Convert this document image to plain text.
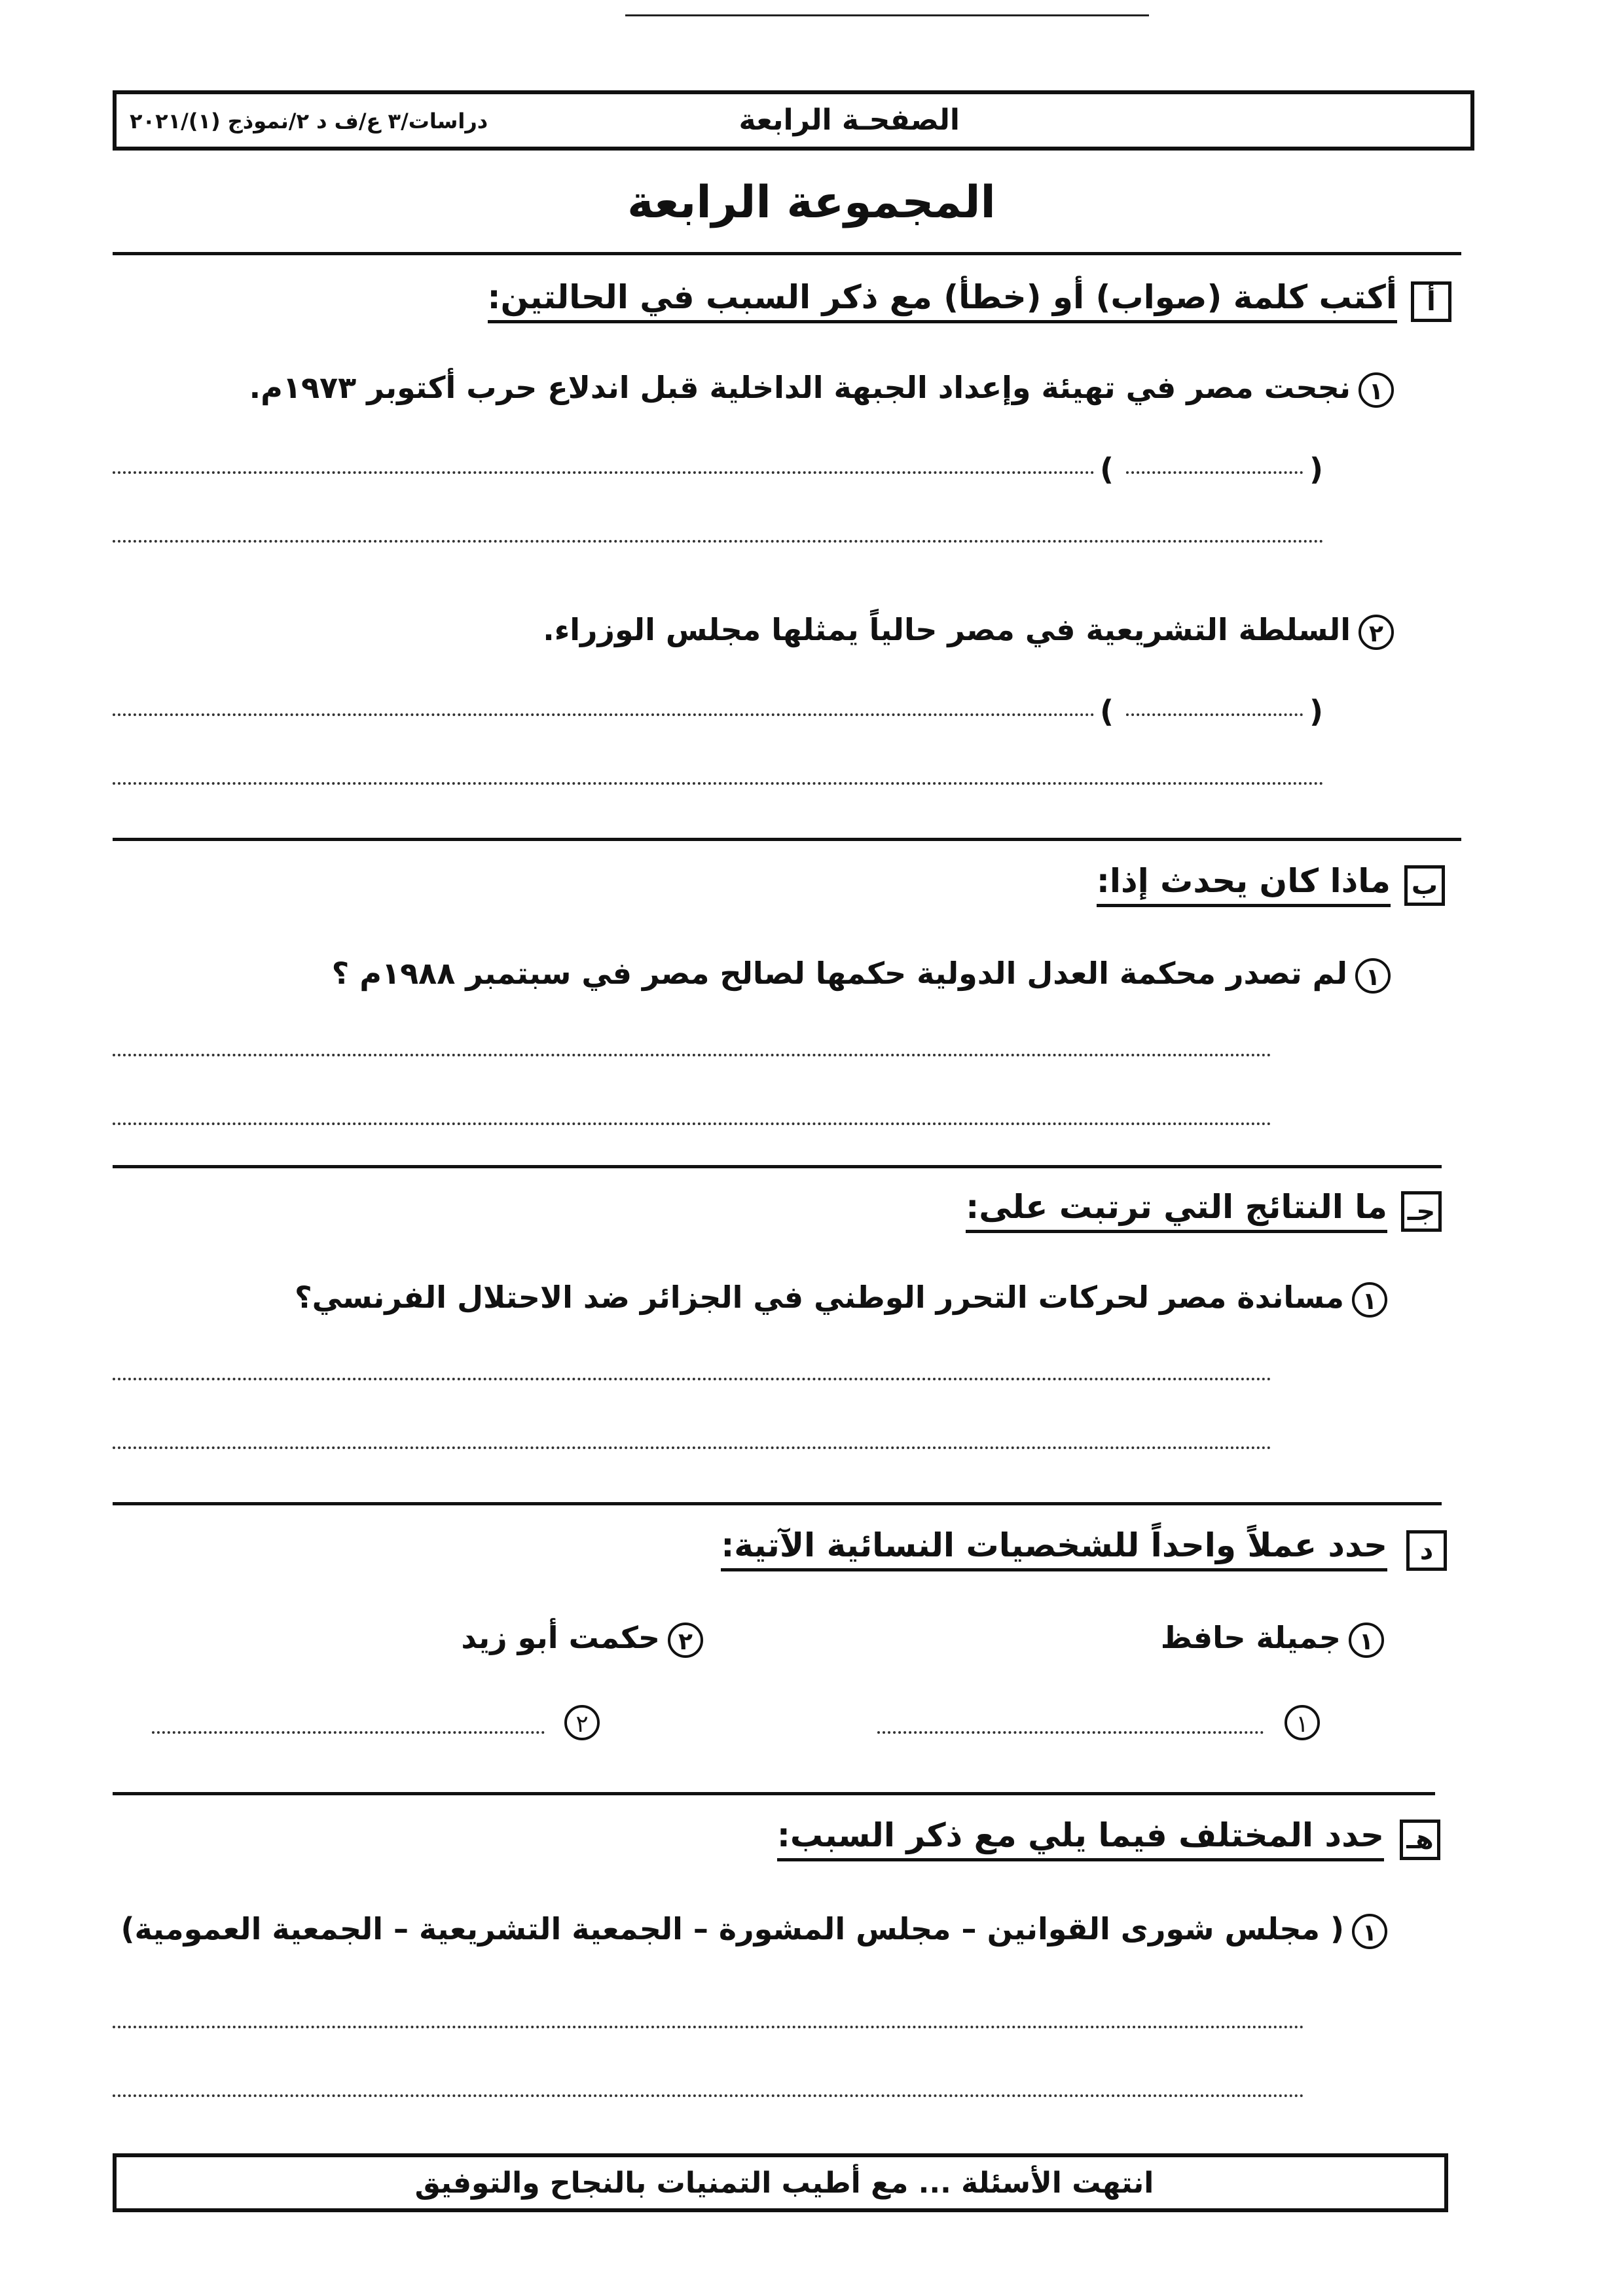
الصفحـة الرابعة
دراسات/٣ ع/ف د ٢/نموذج (١)/٢٠٢١
المجموعة الرابعة
أ
أكتب كلمة (صواب) أو (خطأ) مع ذكر السبب في الحالتين:
١نجحت مصر في تهيئة وإعداد الجبهة الداخلية قبل اندلاع حرب أكتوبر ١٩٧٣م.
(	)
٢السلطة التشريعية في مصر حالياً يمثلها مجلس الوزراء.
(	)
ب
ماذا كان يحدث إذا:
١لم تصدر محكمة العدل الدولية حكمها لصالح مصر في سبتمبر ١٩٨٨م ؟
جـ
ما النتائج التي ترتبت على:
١مساندة مصر لحركات التحرر الوطني في الجزائر ضد الاحتلال الفرنسي؟
د
حدد عملاً واحداً للشخصيات النسائية الآتية:
١جميلة حافظ
٢حكمت أبو زيد
١
٢
هـ
حدد المختلف فيما يلي مع ذكر السبب:
١( مجلس شورى القوانين – مجلس المشورة – الجمعية التشريعية – الجمعية العمومية)
انتهت الأسئلة ... مع أطيب التمنيات بالنجاح والتوفيق
